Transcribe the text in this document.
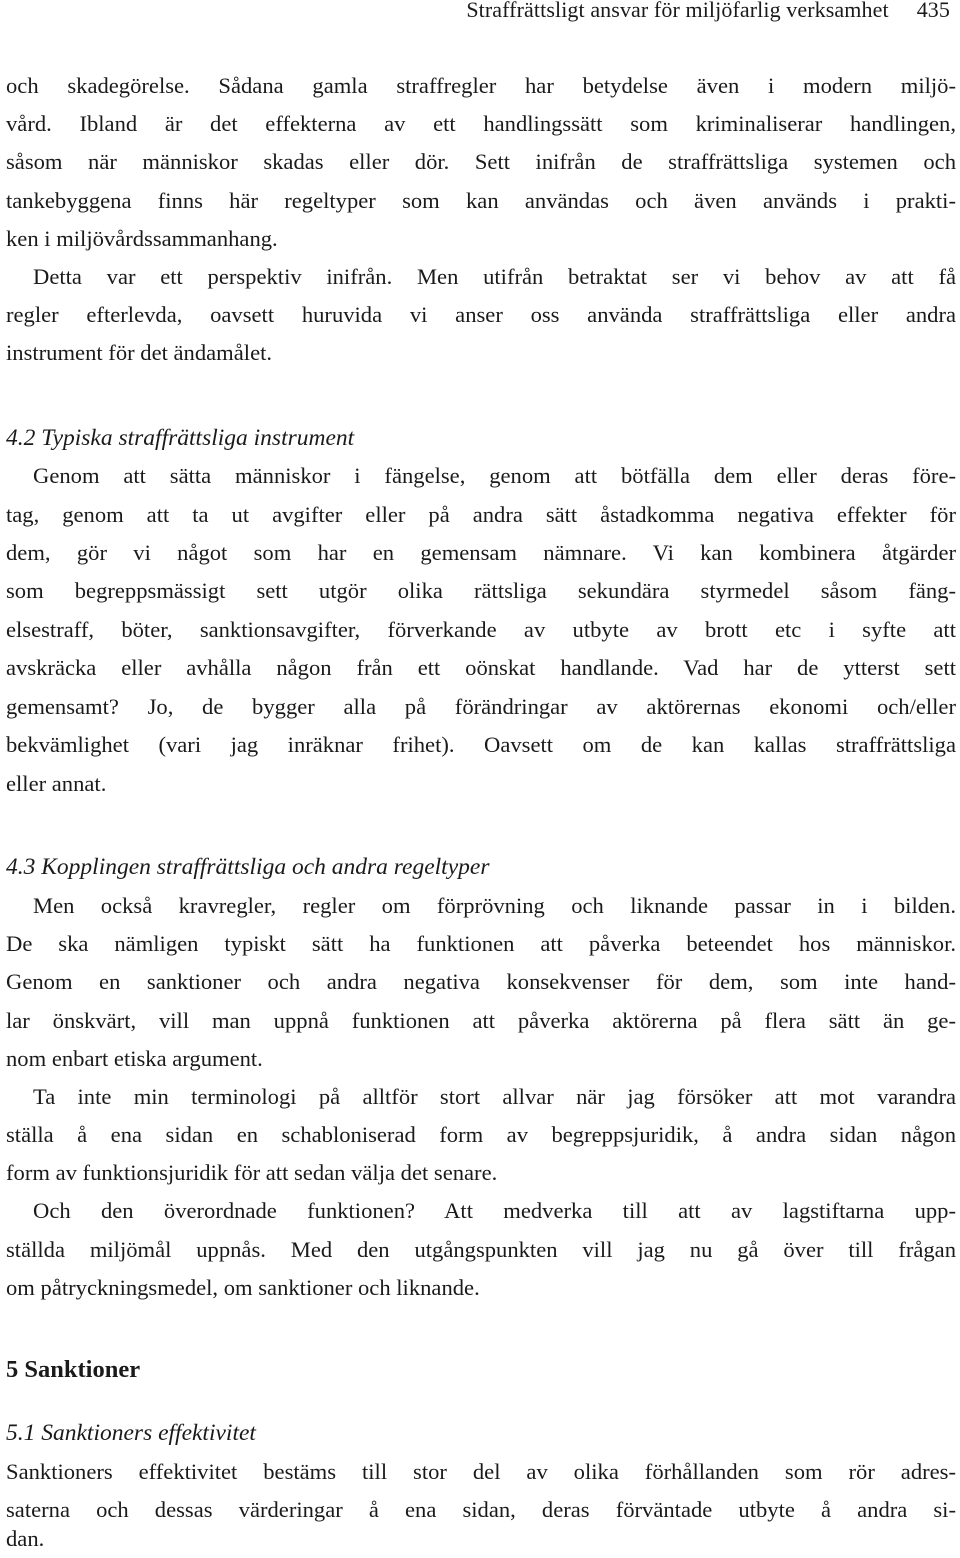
Straffrättsligt ansvar för miljöfarlig verksamhet 435
och skadegörelse. Sådana gamla straffregler har betydelse även i modern miljö-
vård. Ibland är det effekterna av ett handlingssätt som kriminaliserar handlingen,
såsom när människor skadas eller dör. Sett inifrån de straffrättsliga systemen och
tankebyggena finns här regeltyper som kan användas och även används i prakti-
ken i miljövårdssammanhang.
Detta var ett perspektiv inifrån. Men utifrån betraktat ser vi behov av att få
regler efterlevda, oavsett huruvida vi anser oss använda straffrättsliga eller andra
instrument för det ändamålet.
4.2 Typiska straffrättsliga instrument
Genom att sätta människor i fängelse, genom att bötfälla dem eller deras före-
tag, genom att ta ut avgifter eller på andra sätt åstadkomma negativa effekter för
dem, gör vi något som har en gemensam nämnare. Vi kan kombinera åtgärder
som begreppsmässigt sett utgör olika rättsliga sekundära styrmedel såsom fäng-
elsestraff, böter, sanktionsavgifter, förverkande av utbyte av brott etc i syfte att
avskräcka eller avhålla någon från ett oönskat handlande. Vad har de ytterst sett
gemensamt? Jo, de bygger alla på förändringar av aktörernas ekonomi och/eller
bekvämlighet (vari jag inräknar frihet). Oavsett om de kan kallas straffrättsliga
eller annat.
4.3 Kopplingen straffrättsliga och andra regeltyper
Men också kravregler, regler om förprövning och liknande passar in i bilden.
De ska nämligen typiskt sätt ha funktionen att påverka beteendet hos människor.
Genom en sanktioner och andra negativa konsekvenser för dem, som inte hand-
lar önskvärt, vill man uppnå funktionen att påverka aktörerna på flera sätt än ge-
nom enbart etiska argument.
Ta inte min terminologi på alltför stort allvar när jag försöker att mot varandra
ställa å ena sidan en schabloniserad form av begreppsjuridik, å andra sidan någon
form av funktionsjuridik för att sedan välja det senare.
Och den överordnade funktionen? Att medverka till att av lagstiftarna upp-
ställda miljömål uppnås. Med den utgångspunkten vill jag nu gå över till frågan
om påtryckningsmedel, om sanktioner och liknande.
5 Sanktioner
5.1 Sanktioners effektivitet
Sanktioners effektivitet bestäms till stor del av olika förhållanden som rör adres-
saterna och dessas värderingar å ena sidan, deras förväntade utbyte å andra si-
dan.
